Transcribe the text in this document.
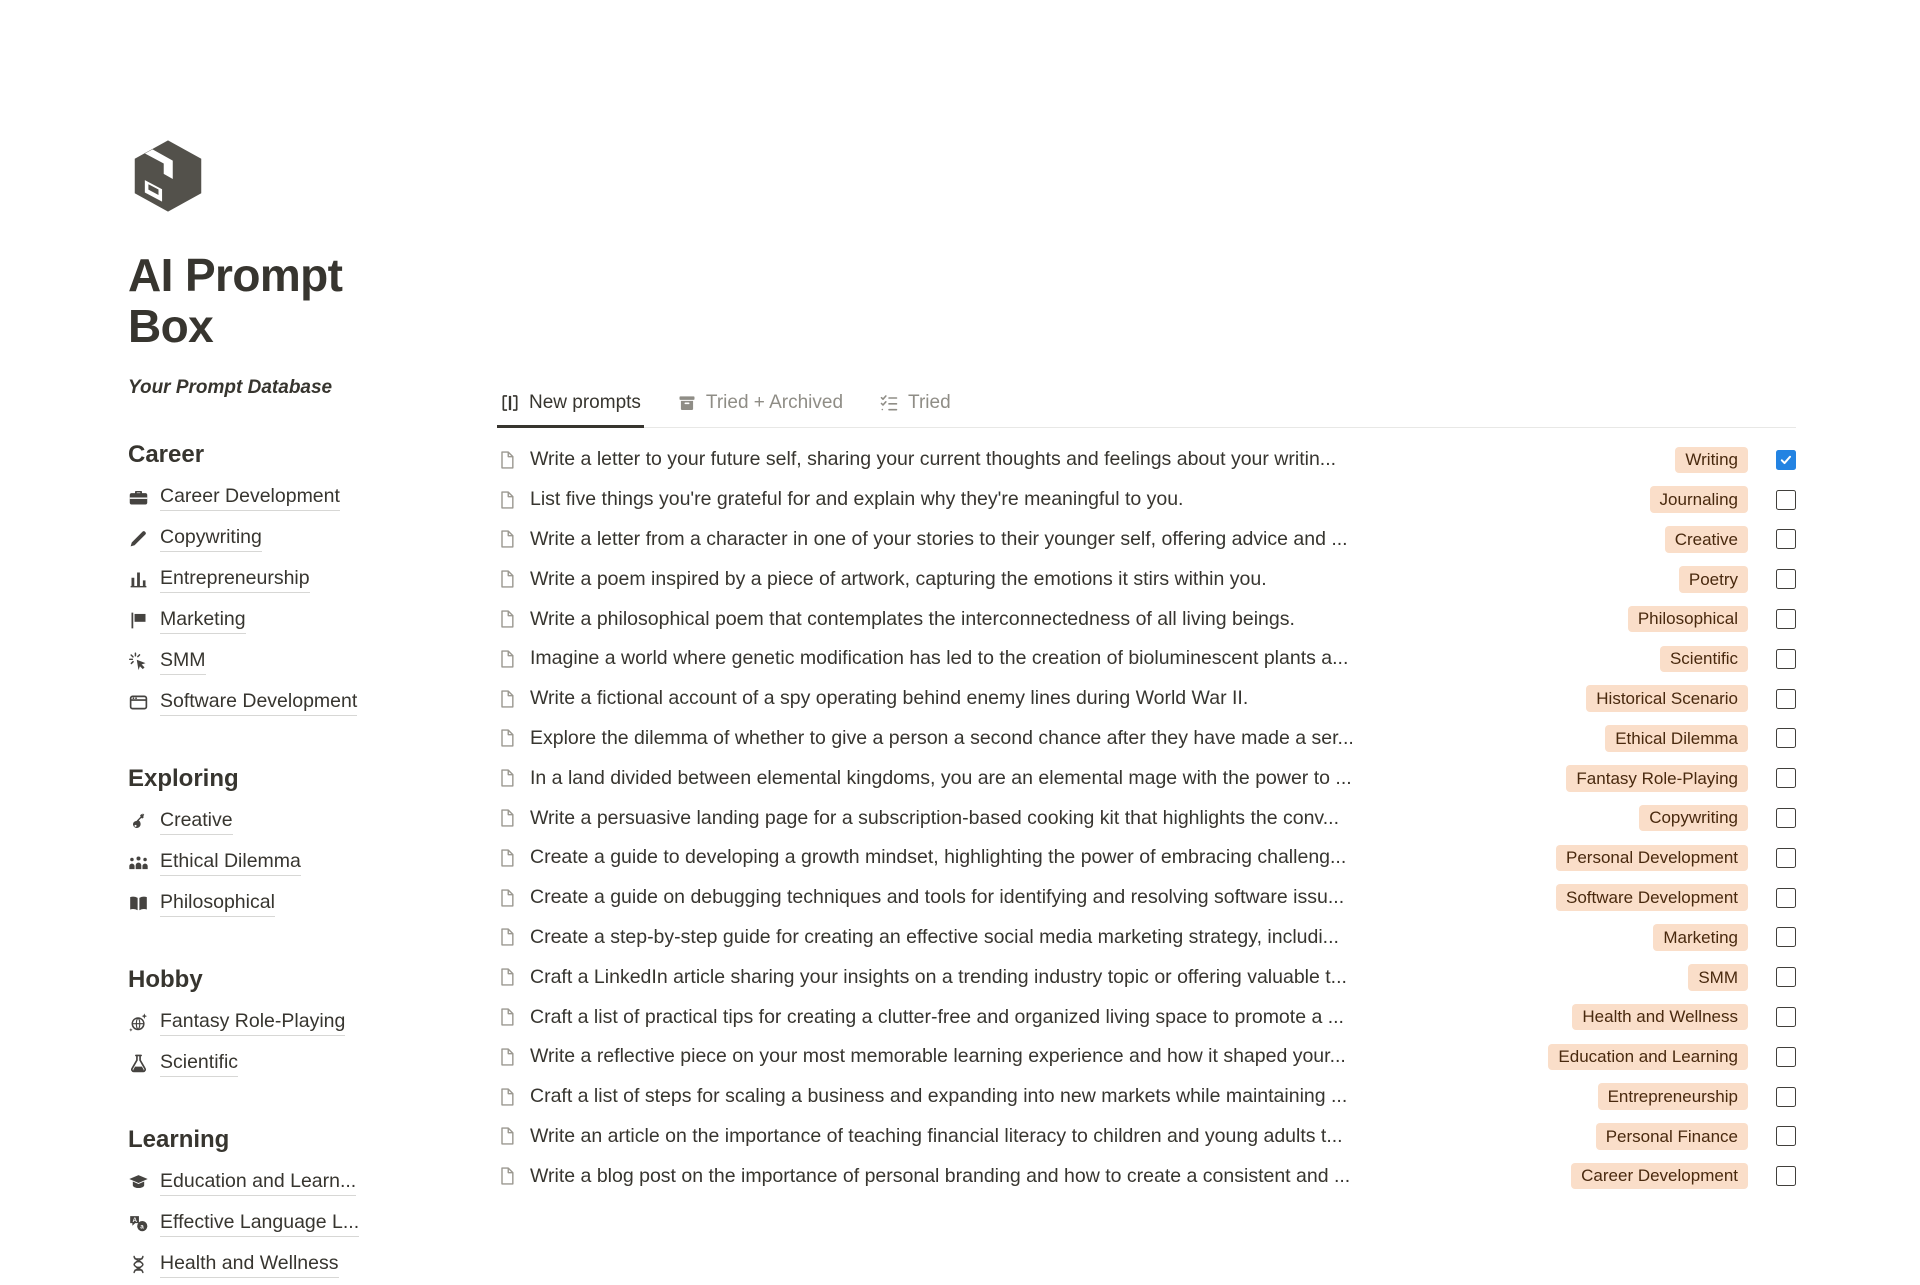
AI Prompt Box
Your Prompt Database
Career
Career Development
Copywriting
Entrepreneurship
Marketing
SMM
Software Development
Exploring
Creative
Ethical Dilemma
Philosophical
Hobby
Fantasy Role-Playing
Scientific
Learning
Education and Learn...
A
a Effective Language L...
Health and Wellness
New prompts	Tried + Archived	Tried
Write a letter to your future self, sharing your current thoughts and feelings about your writin...	Writing
List five things you're grateful for and explain why they're meaningful to you.	Journaling
Write a letter from a character in one of your stories to their younger self, offering advice and ...	Creative
Write a poem inspired by a piece of artwork, capturing the emotions it stirs within you.	Poetry
Write a philosophical poem that contemplates the interconnectedness of all living beings.	Philosophical
Imagine a world where genetic modification has led to the creation of bioluminescent plants a...	Scientific
Write a fictional account of a spy operating behind enemy lines during World War II.	Historical Scenario
Explore the dilemma of whether to give a person a second chance after they have made a ser...	Ethical Dilemma
In a land divided between elemental kingdoms, you are an elemental mage with the power to ...	Fantasy Role-Playing
Write a persuasive landing page for a subscription-based cooking kit that highlights the conv...	Copywriting
Create a guide to developing a growth mindset, highlighting the power of embracing challeng...	Personal Development
Create a guide on debugging techniques and tools for identifying and resolving software issu...	Software Development
Create a step-by-step guide for creating an effective social media marketing strategy, includi...	Marketing
Craft a LinkedIn article sharing your insights on a trending industry topic or offering valuable t...	SMM
Craft a list of practical tips for creating a clutter-free and organized living space to promote a ...	Health and Wellness
Write a reflective piece on your most memorable learning experience and how it shaped your...	Education and Learning
Craft a list of steps for scaling a business and expanding into new markets while maintaining ...	Entrepreneurship
Write an article on the importance of teaching financial literacy to children and young adults t...	Personal Finance
Write a blog post on the importance of personal branding and how to create a consistent and ...	Career Development
